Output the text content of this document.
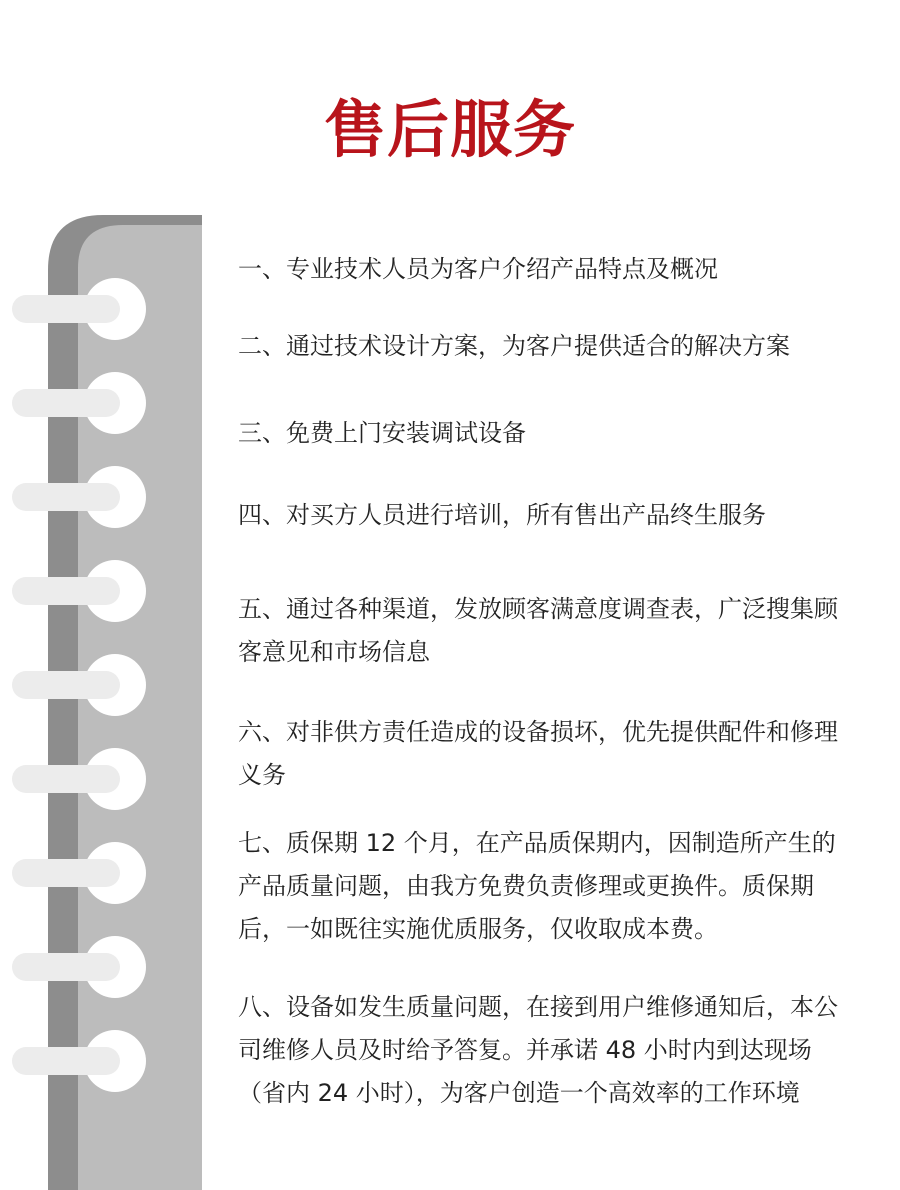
售后服务
一、专业技术人员为客户介绍产品特点及概况
二、通过技术设计方案，为客户提供适合的解决方案
三、免费上门安装调试设备
四、对买方人员进行培训，所有售出产品终生服务
五、通过各种渠道，发放顾客满意度调查表，广泛搜集顾客意见和市场信息
六、对非供方责任造成的设备损坏，优先提供配件和修理义务
七、质保期 12 个月，在产品质保期内，因制造所产生的产品质量问题，由我方免费负责修理或更换件。质保期后，一如既往实施优质服务，仅收取成本费。
八、设备如发生质量问题，在接到用户维修通知后，本公司维修人员及时给予答复。并承诺 48 小时内到达现场（省内 24 小时），为客户创造一个高效率的工作环境
